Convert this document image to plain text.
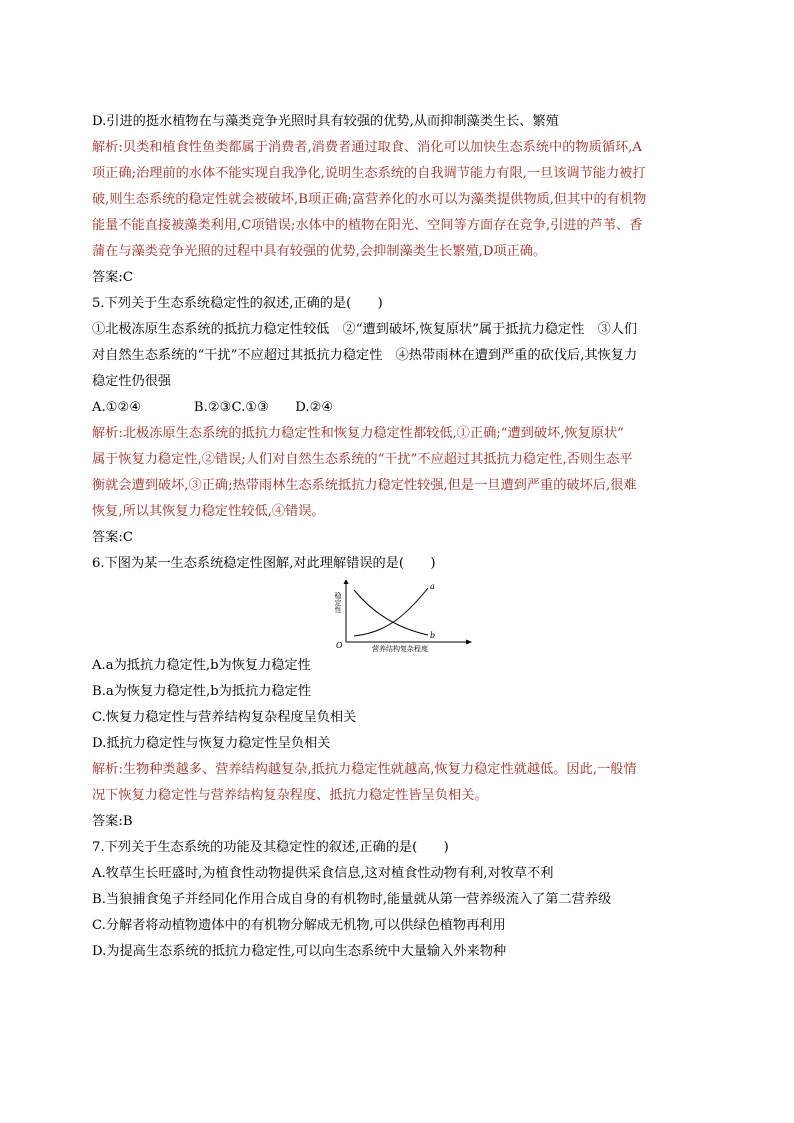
D.引进的挺水植物在与藻类竞争光照时具有较强的优势,从而抑制藻类生长、繁殖
解析:贝类和植食性鱼类都属于消费者,消费者通过取食、消化可以加快生态系统中的物质循环,A
项正确;治理前的水体不能实现自我净化,说明生态系统的自我调节能力有限,一旦该调节能力被打
破,则生态系统的稳定性就会被破坏,B项正确;富营养化的水可以为藻类提供物质,但其中的有机物
能量不能直接被藻类利用,C项错误;水体中的植物在阳光、空间等方面存在竞争,引进的芦苇、香
蒲在与藻类竞争光照的过程中具有较强的优势,会抑制藻类生长繁殖,D项正确。
答案:C
5.下列关于生态系统稳定性的叙述,正确的是(　　)
①北极冻原生态系统的抵抗力稳定性较低　②“遭到破坏,恢复原状”属于抵抗力稳定性　③人们
对自然生态系统的“干扰”不应超过其抵抗力稳定性　④热带雨林在遭到严重的砍伐后,其恢复力
稳定性仍很强
A.①②④　　　　B.②③C.①③　　D.②④
解析:北极冻原生态系统的抵抗力稳定性和恢复力稳定性都较低,①正确;“遭到破坏,恢复原状”
属于恢复力稳定性,②错误;人们对自然生态系统的“干扰”不应超过其抵抗力稳定性,否则生态平
衡就会遭到破坏,③正确;热带雨林生态系统抵抗力稳定性较强,但是一旦遭到严重的破坏后,很难
恢复,所以其恢复力稳定性较低,④错误。
答案:C
6.下图为某一生态系统稳定性图解,对此理解错误的是(　　)
a
b
O	营养结构复杂程度
稳定性
A.a为抵抗力稳定性,b为恢复力稳定性
B.a为恢复力稳定性,b为抵抗力稳定性
C.恢复力稳定性与营养结构复杂程度呈负相关
D.抵抗力稳定性与恢复力稳定性呈负相关
解析:生物种类越多、营养结构越复杂,抵抗力稳定性就越高,恢复力稳定性就越低。因此,一般情
况下恢复力稳定性与营养结构复杂程度、抵抗力稳定性皆呈负相关。
答案:B
7.下列关于生态系统的功能及其稳定性的叙述,正确的是(　　)
A.牧草生长旺盛时,为植食性动物提供采食信息,这对植食性动物有利,对牧草不利
B.当狼捕食兔子并经同化作用合成自身的有机物时,能量就从第一营养级流入了第二营养级
C.分解者将动植物遗体中的有机物分解成无机物,可以供绿色植物再利用
D.为提高生态系统的抵抗力稳定性,可以向生态系统中大量输入外来物种
